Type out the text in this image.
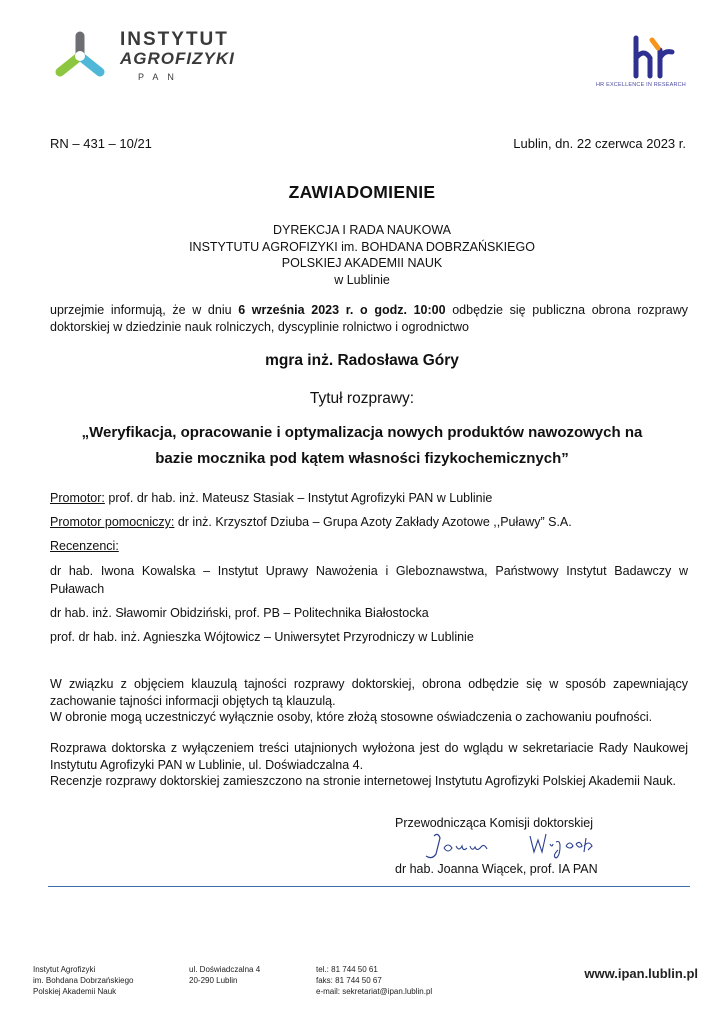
INSTYTUT
AGROFIZYKI
PAN
HR EXCELLENCE IN RESEARCH
RN – 431 – 10/21	Lublin, dn. 22 czerwca 2023 r.
ZAWIADOMIENIE
DYREKCJA I RADA NAUKOWA
INSTYTUTU AGROFIZYKI im. BOHDANA DOBRZAŃSKIEGO
POLSKIEJ AKADEMII NAUK
w Lublinie
uprzejmie informują, że w dniu 6 września 2023 r. o godz. 10:00 odbędzie się publiczna obrona rozprawy doktorskiej w dziedzinie nauk rolniczych, dyscyplinie rolnictwo i ogrodnictwo
mgra inż. Radosława Góry
Tytuł rozprawy:
„Weryfikacja, opracowanie i optymalizacja nowych produktów nawozowych na bazie mocznika pod kątem własności fizykochemicznych”
Promotor: prof. dr hab. inż. Mateusz Stasiak – Instytut Agrofizyki PAN w Lublinie
Promotor pomocniczy: dr inż. Krzysztof Dziuba – Grupa Azoty Zakłady Azotowe ,,Puławy” S.A.
Recenzenci:
dr hab. Iwona Kowalska – Instytut Uprawy Nawożenia i Gleboznawstwa, Państwowy Instytut Badawczy w Puławach
dr hab. inż. Sławomir Obidziński, prof. PB – Politechnika Białostocka
prof. dr hab. inż. Agnieszka Wójtowicz – Uniwersytet Przyrodniczy w Lublinie
W związku z objęciem klauzulą tajności rozprawy doktorskiej, obrona odbędzie się w sposób zapewniający zachowanie tajności informacji objętych tą klauzulą.
W obronie mogą uczestniczyć wyłącznie osoby, które złożą stosowne oświadczenia o zachowaniu poufności.
Rozprawa doktorska z wyłączeniem treści utajnionych wyłożona jest do wglądu w sekretariacie Rady Naukowej Instytutu Agrofizyki PAN w Lublinie, ul. Doświadczalna 4.
Recenzje rozprawy doktorskiej zamieszczono na stronie internetowej Instytutu Agrofizyki Polskiej Akademii Nauk.
Przewodnicząca Komisji doktorskiej
dr hab. Joanna Wiącek, prof. IA PAN
Instytut Agrofizyki
im. Bohdana Dobrzańskiego
Polskiej Akademii Nauk
ul. Doświadczalna 4
20-290 Lublin
tel.: 81 744 50 61
faks: 81 744 50 67
e-mail: sekretariat@ipan.lublin.pl
www.ipan.lublin.pl
